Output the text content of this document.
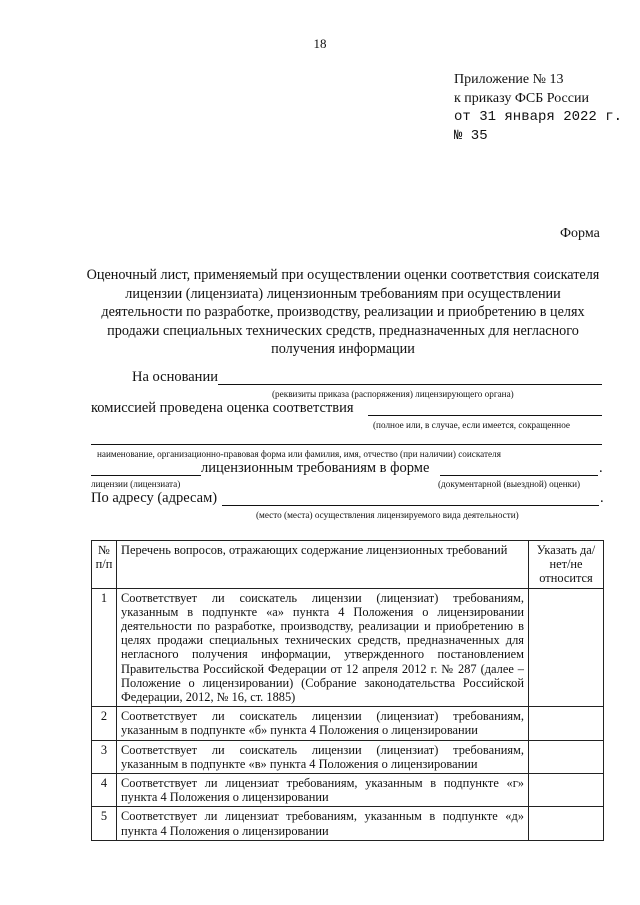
18
Приложение № 13
к приказу ФСБ России
от 31 января 2022 г.
№ 35
Форма
Оценочный лист, применяемый при осуществлении оценки соответствия соискателя лицензии (лицензиата) лицензионным требованиям при осуществлении деятельности по разработке, производству, реализации и приобретению в целях продажи специальных технических средств, предназначенных для негласного получения информации
На основании
(реквизиты приказа (распоряжения) лицензирующего органа)
комиссией проведена оценка соответствия
(полное или, в случае, если имеется, сокращенное
наименование, организационно-правовая форма или фамилия, имя, отчество (при наличии) соискателя
лицензионным требованиям в форме	.
лицензии (лицензиата)	(документарной (выездной) оценки)
По адресу (адресам)	.
(место (места) осуществления лицензируемого вида деятельности)
№ п/п	Перечень вопросов, отражающих содержание лицензионных требований	Указать да/нет/не относится
1	Соответствует ли соискатель лицензии (лицензиат) требованиям, указанным в подпункте «а» пункта 4 Положения о лицензировании деятельности по разработке, производству, реализации и приобретению в целях продажи специальных технических средств, предназначенных для негласного получения информации, утвержденного постановлением Правительства Российской Федерации от 12 апреля 2012 г. № 287 (далее – Положение о лицензировании) (Собрание законодательства Российской Федерации, 2012, № 16, ст. 1885)	
2	Соответствует ли соискатель лицензии (лицензиат) требованиям, указанным в подпункте «б» пункта 4 Положения о лицензировании	
3	Соответствует ли соискатель лицензии (лицензиат) требованиям, указанным в подпункте «в» пункта 4 Положения о лицензировании	
4	Соответствует ли лицензиат требованиям, указанным в подпункте «г» пункта 4 Положения о лицензировании	
5	Соответствует ли лицензиат требованиям, указанным в подпункте «д» пункта 4 Положения о лицензировании	
